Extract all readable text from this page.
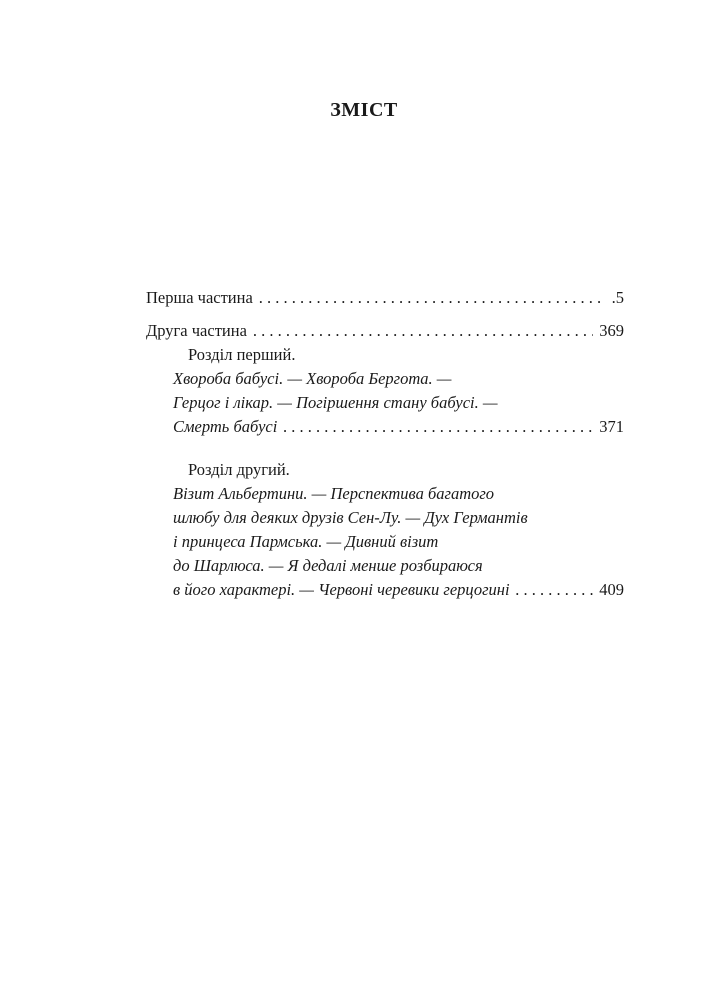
ЗМІСТ
Перша частина . . .	.5
Друга частина . . .	369
Розділ перший.
Хвороба бабусі. — Хвороба Берготa. —
Герцог і лікар. — Погіршення стану бабусі. —
Смерть бабусі . . .	371
Розділ другий.
Візит Альбертини. — Перспектива багатого
шлюбу для деяких друзів Сен-Лу. — Дух Германтів
і принцеса Пармська. — Дивний візит
до Шарлюса. — Я дедалі менше розбираюся
в його характері. — Червоні черевики герцогині . . .	409
